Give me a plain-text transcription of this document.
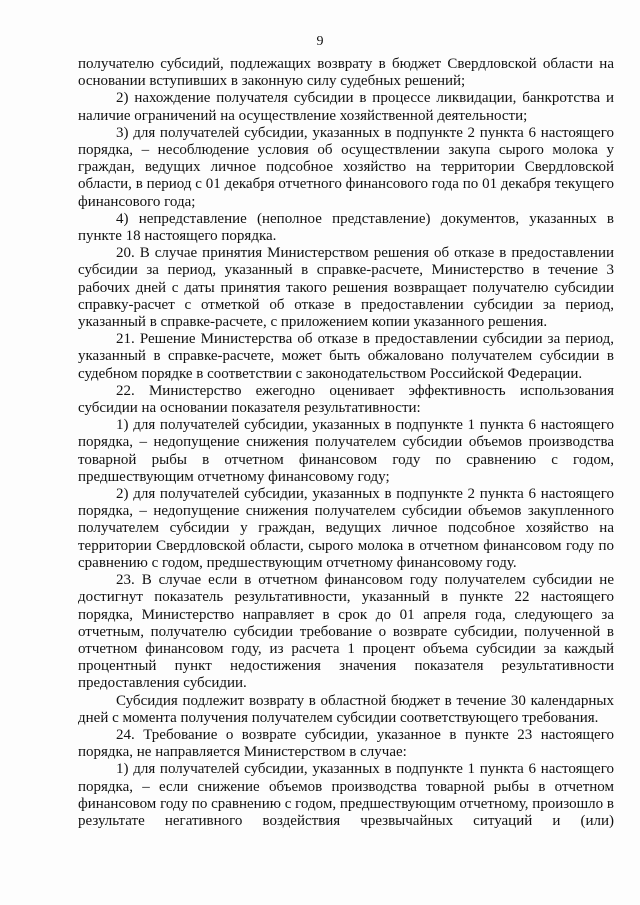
9

получателю субсидий, подлежащих возврату в бюджет Свердловской области на основании вступивших в законную силу судебных решений;

2) нахождение получателя субсидии в процессе ликвидации, банкротства и наличие ограничений на осуществление хозяйственной деятельности;

3) для получателей субсидии, указанных в подпункте 2 пункта 6 настоящего порядка, – несоблюдение условия об осуществлении закупа сырого молока у граждан, ведущих личное подсобное хозяйство на территории Свердловской области, в период с 01 декабря отчетного финансового года по 01 декабря текущего финансового года;

4) непредставление (неполное представление) документов, указанных в пункте 18 настоящего порядка.

20. В случае принятия Министерством решения об отказе в предоставлении субсидии за период, указанный в справке-расчете, Министерство в течение 3 рабочих дней с даты принятия такого решения возвращает получателю субсидии справку-расчет с отметкой об отказе в предоставлении субсидии за период, указанный в справке-расчете, с приложением копии указанного решения.

21. Решение Министерства об отказе в предоставлении субсидии за период, указанный в справке-расчете, может быть обжаловано получателем субсидии в судебном порядке в соответствии с законодательством Российской Федерации.

22. Министерство ежегодно оценивает эффективность использования субсидии на основании показателя результативности:

1) для получателей субсидии, указанных в подпункте 1 пункта 6 настоящего порядка, – недопущение снижения получателем субсидии объемов производства товарной рыбы в отчетном финансовом году по сравнению с годом, предшествующим отчетному финансовому году;

2) для получателей субсидии, указанных в подпункте 2 пункта 6 настоящего порядка, – недопущение снижения получателем субсидии объемов закупленного получателем субсидии у граждан, ведущих личное подсобное хозяйство на территории Свердловской области, сырого молока в отчетном финансовом году по сравнению с годом, предшествующим отчетному финансовому году.

23. В случае если в отчетном финансовом году получателем субсидии не достигнут показатель результативности, указанный в пункте 22 настоящего порядка, Министерство направляет в срок до 01 апреля года, следующего за отчетным, получателю субсидии требование о возврате субсидии, полученной в отчетном финансовом году, из расчета 1 процент объема субсидии за каждый процентный пункт недостижения значения показателя результативности предоставления субсидии.

Субсидия подлежит возврату в областной бюджет в течение 30 календарных дней с момента получения получателем субсидии соответствующего требования.

24. Требование о возврате субсидии, указанное в пункте 23 настоящего порядка, не направляется Министерством в случае:

1) для получателей субсидии, указанных в подпункте 1 пункта 6 настоящего порядка, – если снижение объемов производства товарной рыбы в отчетном финансовом году по сравнению с годом, предшествующим отчетному, произошло в результате негативного воздействия чрезвычайных ситуаций и (или)
